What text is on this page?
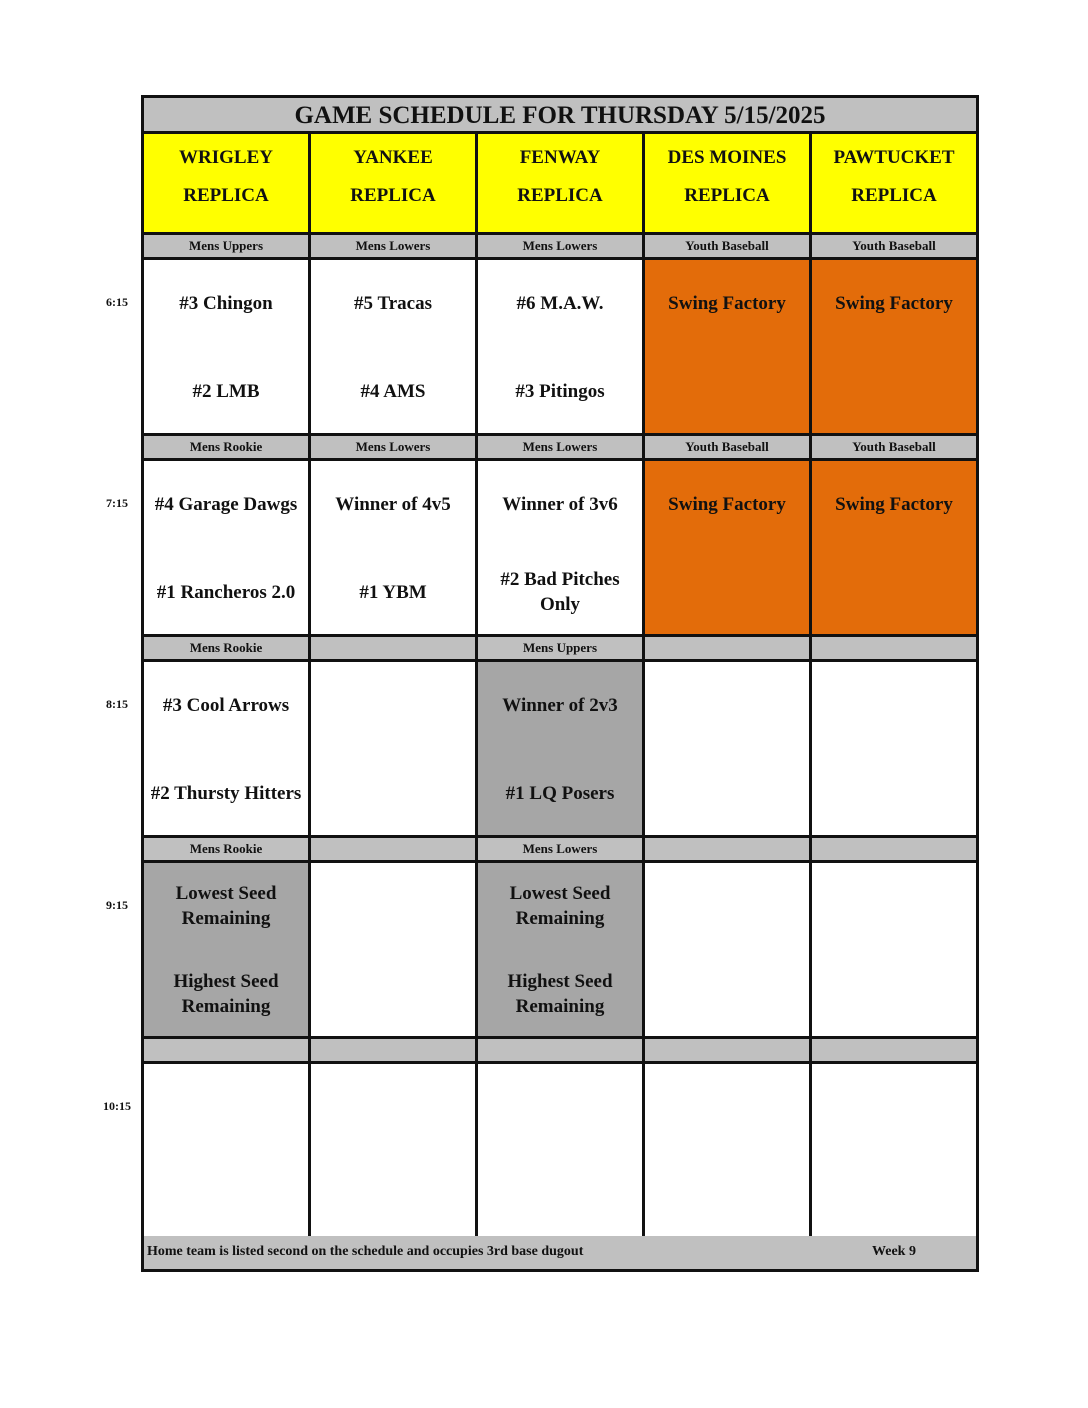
GAME SCHEDULE FOR THURSDAY 5/15/2025
WRIGLEY
REPLICA
YANKEE
REPLICA
FENWAY
REPLICA
DES MOINES
REPLICA
PAWTUCKET
REPLICA
Mens Uppers
#3 Chingon
#2 LMB
Mens Lowers
#5 Tracas
#4 AMS
Mens Lowers
#6 M.A.W.
#3 Pitingos
Youth Baseball
Swing Factory
Youth Baseball
Swing Factory
Mens Rookie
#4 Garage Dawgs
#1 Rancheros 2.0
Mens Lowers
Winner of 4v5
#1 YBM
Mens Lowers
Winner of 3v6
#2 Bad Pitches Only
Youth Baseball
Swing Factory
Youth Baseball
Swing Factory
Mens Rookie
#3 Cool Arrows
#2 Thursty Hitters
Mens Uppers
Winner of 2v3
#1 LQ Posers
Mens Rookie
Lowest Seed Remaining
Highest Seed Remaining
Mens Lowers
Lowest Seed Remaining
Highest Seed Remaining
Home team is listed second on the schedule and occupies 3rd base dugout	Week 9
6:15
7:15
8:15
9:15
10:15
